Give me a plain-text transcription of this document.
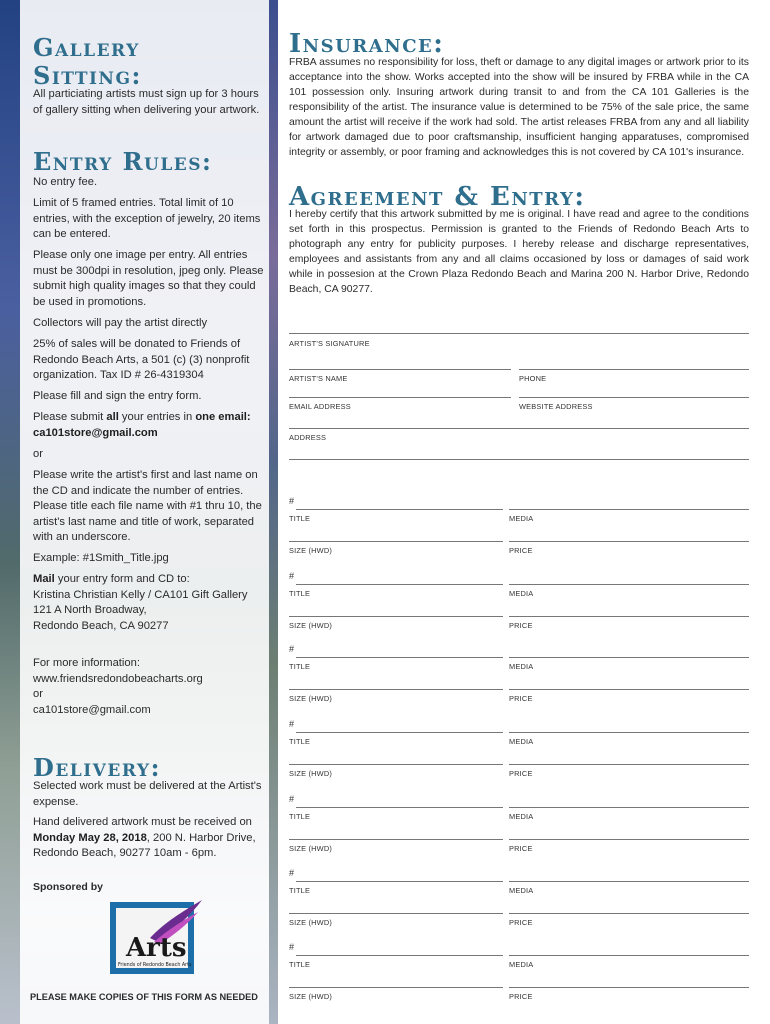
Gallery Sitting:

All particiating artists must sign up for 3 hours of gallery sitting when delivering your artwork.

Entry Rules:

No entry fee.

Limit of 5 framed entries. Total limit of 10 entries, with the exception of jewelry, 20 items can be entered.

Please only one image per entry. All entries must be 300dpi in resolution, jpeg only. Please submit high quality images so that they could be used in promotions.

Collectors will pay the artist directly

25% of sales will be donated to Friends of Redondo Beach Arts, a 501 (c) (3) nonprofit organization. Tax ID # 26-4319304

Please fill and sign the entry form.

Please submit all your entries in one email:
ca101store@gmail.com

or

Please write the artist's first and last name on the CD and indicate the number of entries. Please title each file name with #1 thru 10, the artist's last name and title of work, separated with an underscore.

Example: #1Smith_Title.jpg

Mail your entry form and CD to:
Kristina Christian Kelly / CA101 Gift Gallery
121 A North Broadway,
Redondo Beach, CA 90277

For more information:
www.friendsredondobeacharts.org
or
ca101store@gmail.com

Delivery:

Selected work must be delivered at the Artist's expense.

Hand delivered artwork must be received on Monday May 28, 2018, 200 N. Harbor Drive, Redondo Beach, 90277 10am - 6pm.

Sponsored by

Arts
Friends of Redondo Beach Arts

PLEASE MAKE COPIES OF THIS FORM AS NEEDED

Insurance:

FRBA assumes no responsibility for loss, theft or damage to any digital images or artwork prior to its acceptance into the show. Works accepted into the show will be insured by FRBA while in the CA 101 possession only. Insuring artwork during transit to and from the CA 101 Galleries is the responsibility of the artist. The insurance value is determined to be 75% of the sale price, the same amount the artist will receive if the work had sold. The artist releases FRBA from any and all liability for artwork damaged due to poor craftsmanship, insufficient hanging apparatuses, compromised integrity or assembly, or poor framing and acknowledges this is not covered by CA 101's insurance.

Agreement & Entry:

I hereby certify that this artwork submitted by me is original. I have read and agree to the conditions set forth in this prospectus. Permission is granted to the Friends of Redondo Beach Arts to photograph any entry for publicity purposes. I hereby release and discharge representatives, employees and assistants from any and all claims occasioned by loss or damages of said work while in possesion at the Crown Plaza Redondo Beach and Marina 200 N. Harbor Drive, Redondo Beach, CA 90277.

ARTIST'S SIGNATURE
ARTIST'S NAME	PHONE
EMAIL ADDRESS	WEBSITE ADDRESS
ADDRESS
#
TITLE	MEDIA
SIZE (HWD)	PRICE
#
TITLE	MEDIA
SIZE (HWD)	PRICE
#
TITLE	MEDIA
SIZE (HWD)	PRICE
#
TITLE	MEDIA
SIZE (HWD)	PRICE
#
TITLE	MEDIA
SIZE (HWD)	PRICE
#
TITLE	MEDIA
SIZE (HWD)	PRICE
#
TITLE	MEDIA
SIZE (HWD)	PRICE
